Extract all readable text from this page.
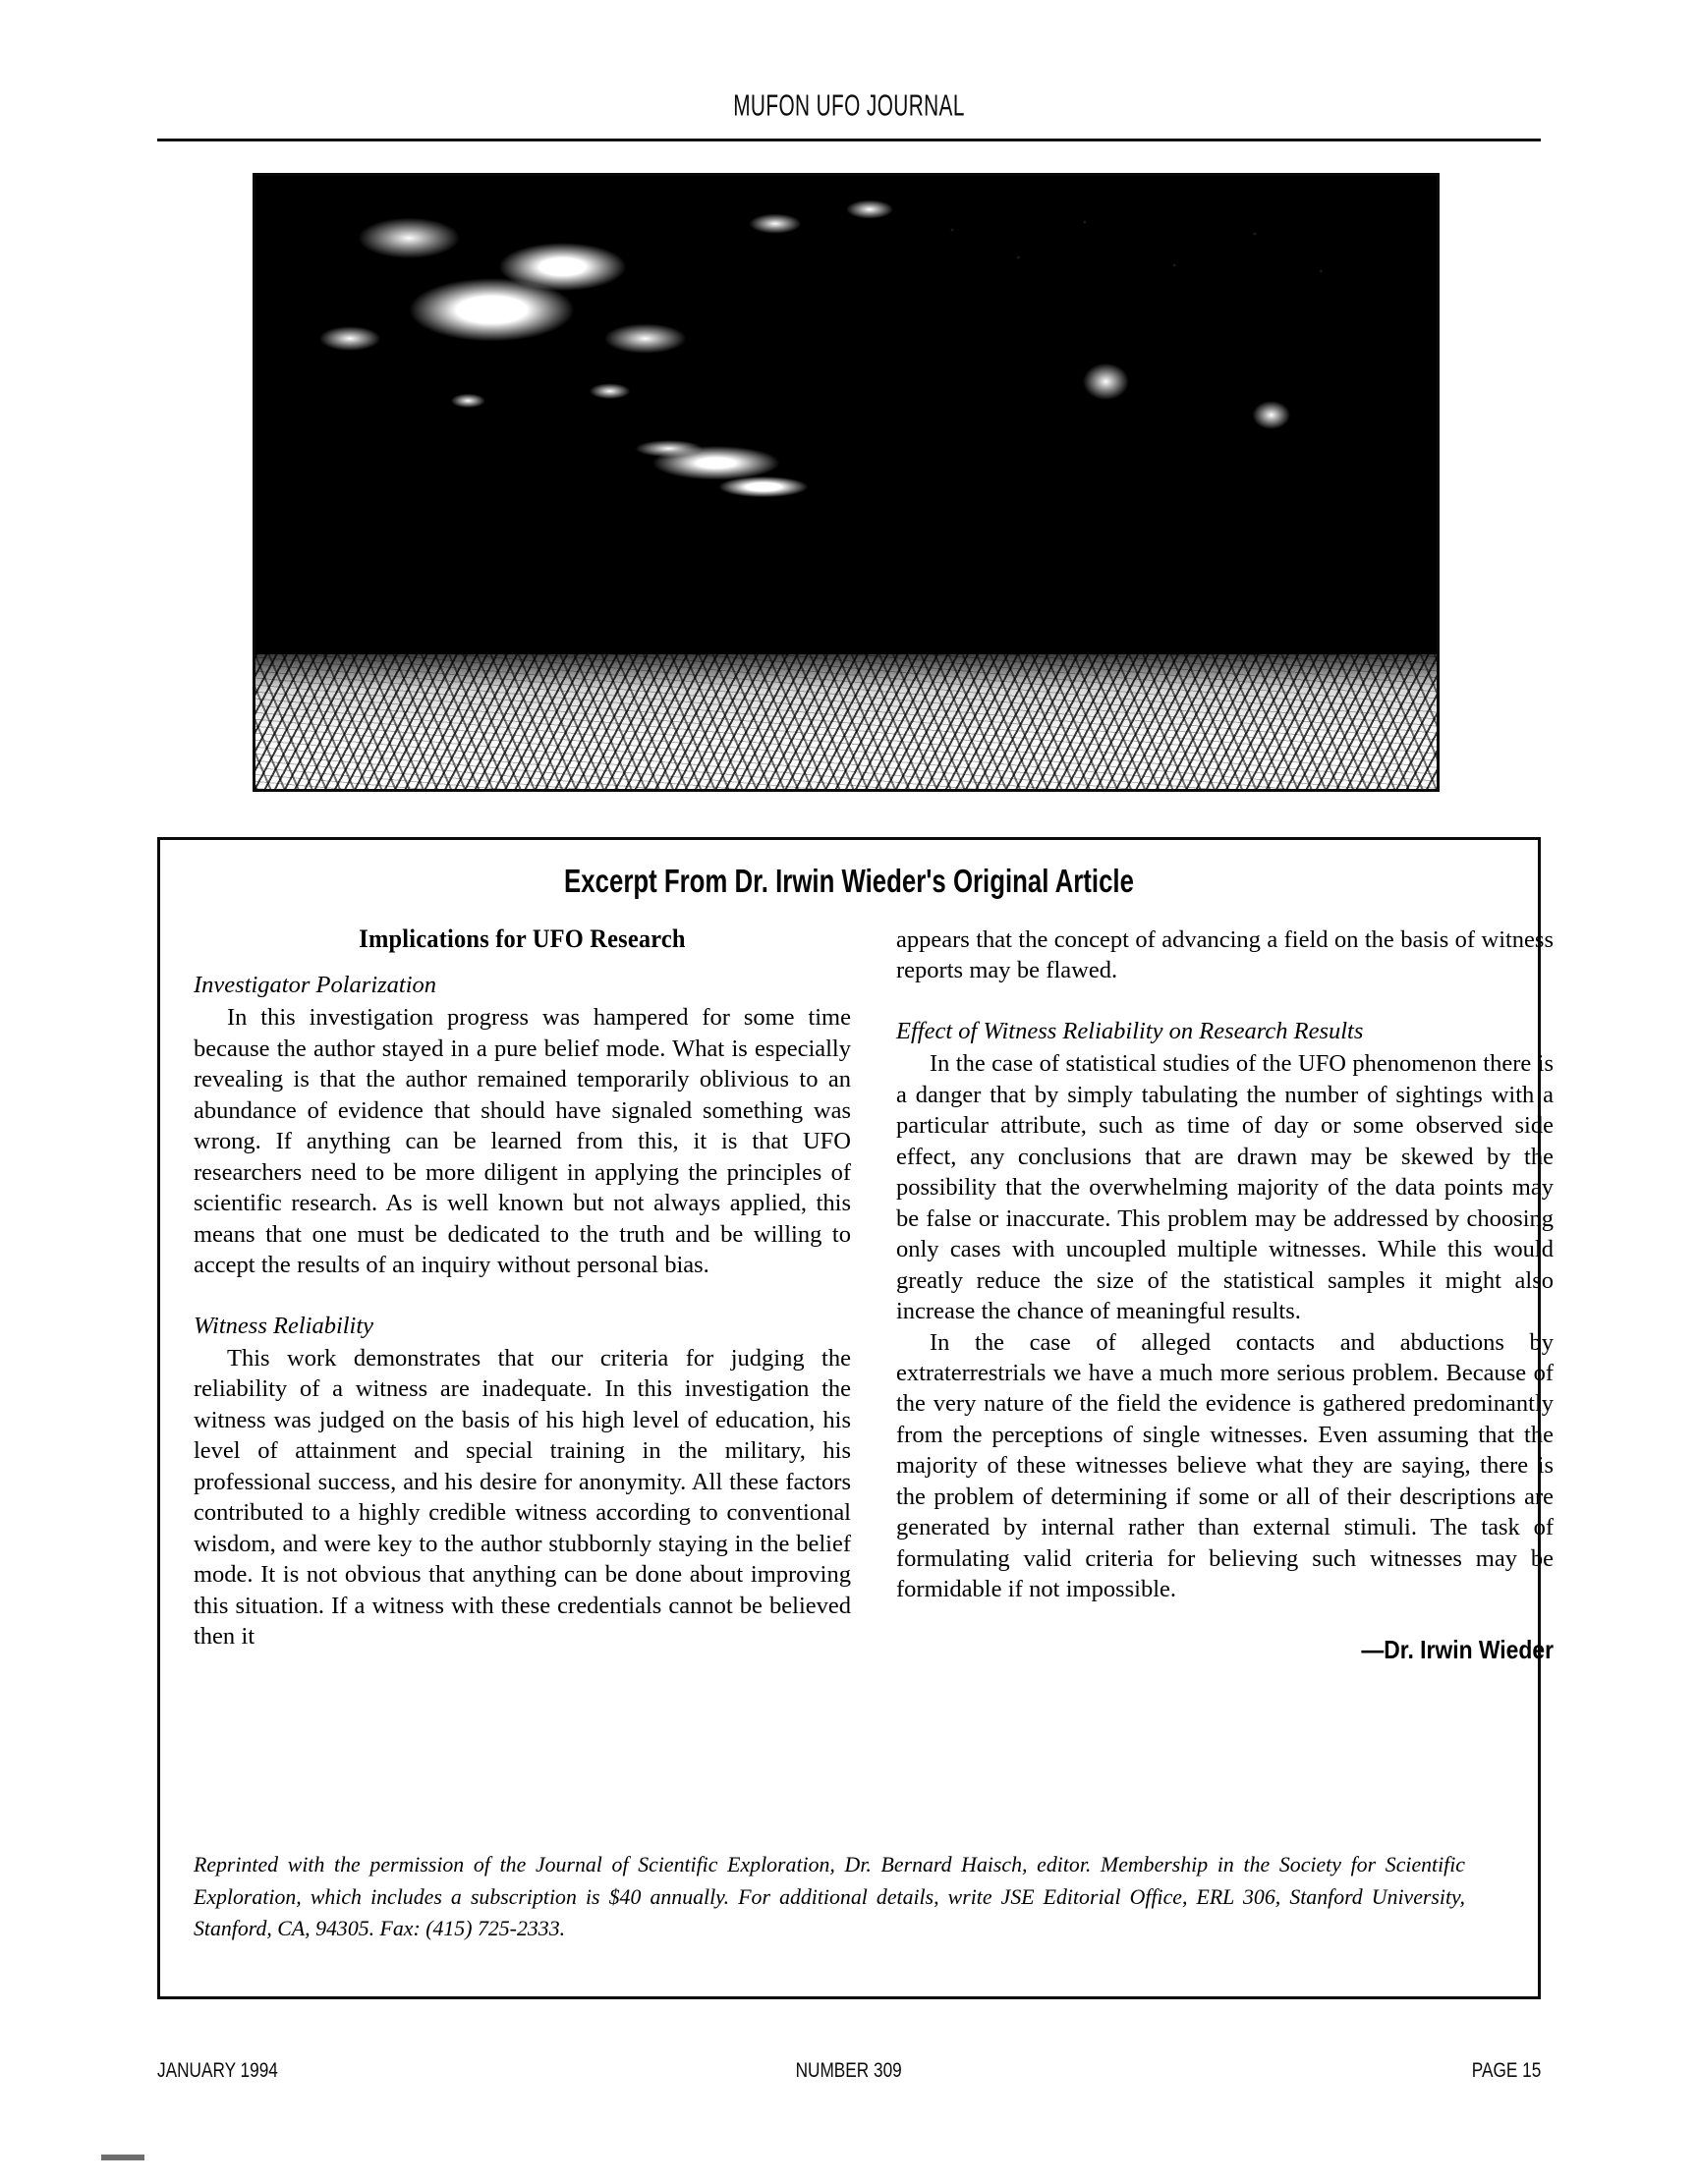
MUFON UFO JOURNAL
Excerpt From Dr. Irwin Wieder's Original Article
Implications for UFO Research
Investigator Polarization

In this investigation progress was hampered for some time because the author stayed in a pure belief mode. What is especially revealing is that the author remained temporarily oblivious to an abundance of evidence that should have signaled something was wrong. If anything can be learned from this, it is that UFO researchers need to be more diligent in applying the principles of scientific research. As is well known but not always applied, this means that one must be dedicated to the truth and be willing to accept the results of an inquiry without personal bias.

Witness Reliability

This work demonstrates that our criteria for judging the reliability of a witness are inadequate. In this investigation the witness was judged on the basis of his high level of education, his level of attainment and special training in the military, his professional success, and his desire for anonymity. All these factors contributed to a highly credible witness according to conventional wisdom, and were key to the author stubbornly staying in the belief mode. It is not obvious that anything can be done about improving this situation. If a witness with these credentials cannot be believed then it

appears that the concept of advancing a field on the basis of witness reports may be flawed.

Effect of Witness Reliability on Research Results

In the case of statistical studies of the UFO phenomenon there is a danger that by simply tabulating the number of sightings with a particular attribute, such as time of day or some observed side effect, any conclusions that are drawn may be skewed by the possibility that the overwhelming majority of the data points may be false or inaccurate. This problem may be addressed by choosing only cases with uncoupled multiple witnesses. While this would greatly reduce the size of the statistical samples it might also increase the chance of meaningful results.

In the case of alleged contacts and abductions by extraterrestrials we have a much more serious problem. Because of the very nature of the field the evidence is gathered predominantly from the perceptions of single witnesses. Even assuming that the majority of these witnesses believe what they are saying, there is the problem of determining if some or all of their descriptions are generated by internal rather than external stimuli. The task of formulating valid criteria for believing such witnesses may be formidable if not impossible.

—Dr. Irwin Wieder
Reprinted with the permission of the Journal of Scientific Exploration, Dr. Bernard Haisch, editor. Membership in the Society for Scientific Exploration, which includes a subscription is $40 annually. For additional details, write JSE Editorial Office, ERL 306, Stanford University, Stanford, CA, 94305. Fax: (415) 725-2333.
JANUARY 1994	NUMBER 309	PAGE 15
